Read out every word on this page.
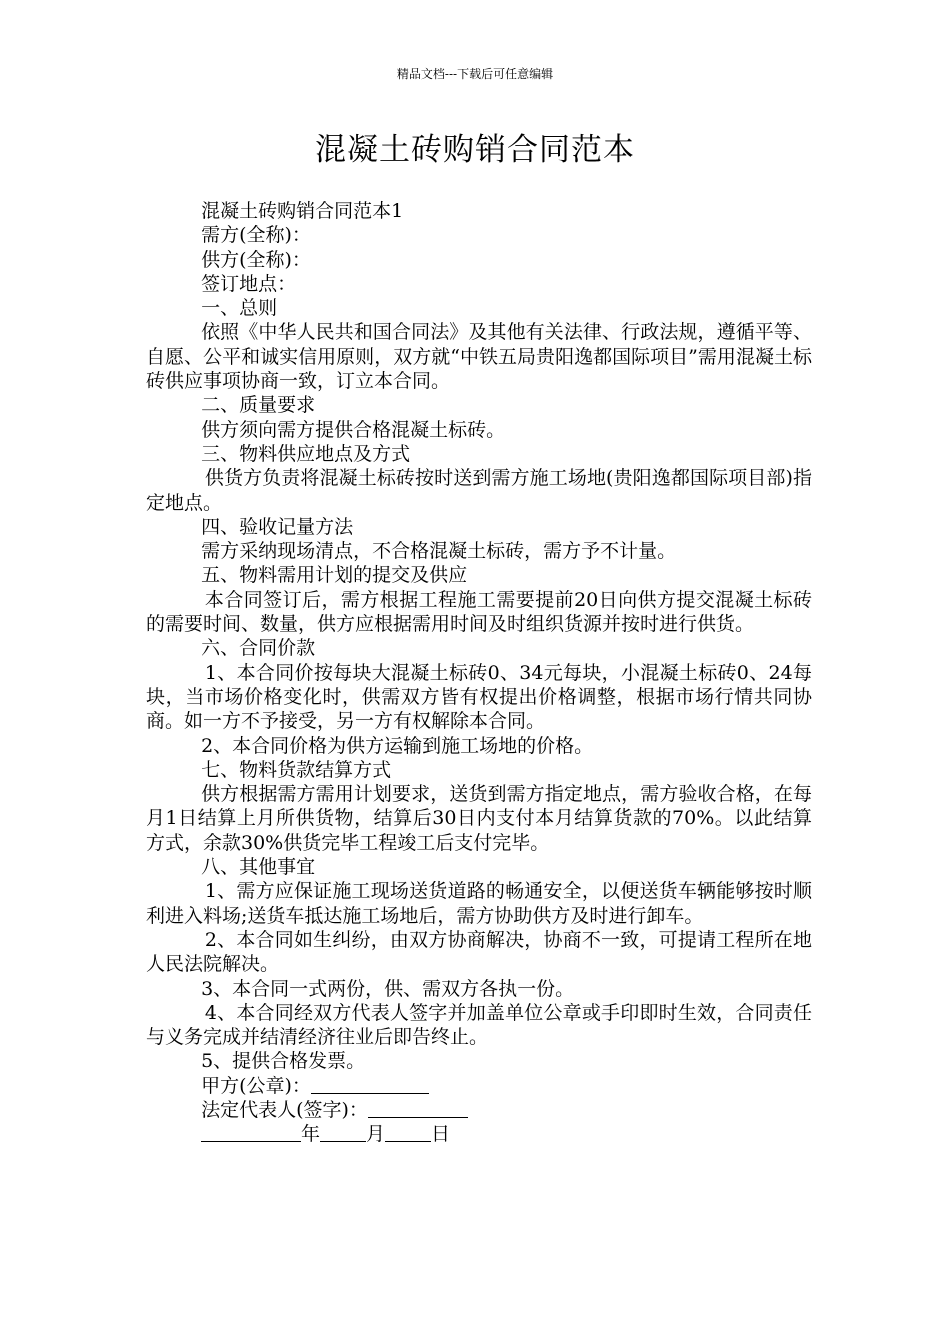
精品文档---下载后可任意编辑
混凝土砖购销合同范本

混凝土砖购销合同范本1

需方(全称)：

供方(全称)：

签订地点：

一、总则

依照《中华人民共和国合同法》及其他有关法律、行政法规，遵循平等、自愿、公平和诚实信用原则，双方就“中铁五局贵阳逸都国际项目”需用混凝土标砖供应事项协商一致，订立本合同。

二、质量要求

供方须向需方提供合格混凝土标砖。

三、物料供应地点及方式

供货方负责将混凝土标砖按时送到需方施工场地(贵阳逸都国际项目部)指定地点。

四、验收记量方法

需方采纳现场清点，不合格混凝土标砖，需方予不计量。

五、物料需用计划的提交及供应

本合同签订后，需方根据工程施工需要提前20日向供方提交混凝土标砖的需要时间、数量，供方应根据需用时间及时组织货源并按时进行供货。

六、合同价款

1、本合同价按每块大混凝土标砖0、34元每块，小混凝土标砖0、24每块，当市场价格变化时，供需双方皆有权提出价格调整，根据市场行情共同协商。如一方不予接受，另一方有权解除本合同。

2、本合同价格为供方运输到施工场地的价格。

七、物料货款结算方式

供方根据需方需用计划要求，送货到需方指定地点，需方验收合格，在每月1日结算上月所供货物，结算后30日内支付本月结算货款的70%。以此结算方式，余款30%供货完毕工程竣工后支付完毕。

八、其他事宜

1、需方应保证施工现场送货道路的畅通安全，以便送货车辆能够按时顺利进入料场;送货车抵达施工场地后，需方协助供方及时进行卸车。

2、本合同如生纠纷，由双方协商解决，协商不一致，可提请工程所在地人民法院解决。

3、本合同一式两份，供、需双方各执一份。

4、本合同经双方代表人签字并加盖单位公章或手印即时生效，合同责任与义务完成并结清经济往业后即告终止。

5、提供合格发票。

甲方(公章)：

法定代表人(签字)：

年 月 日
